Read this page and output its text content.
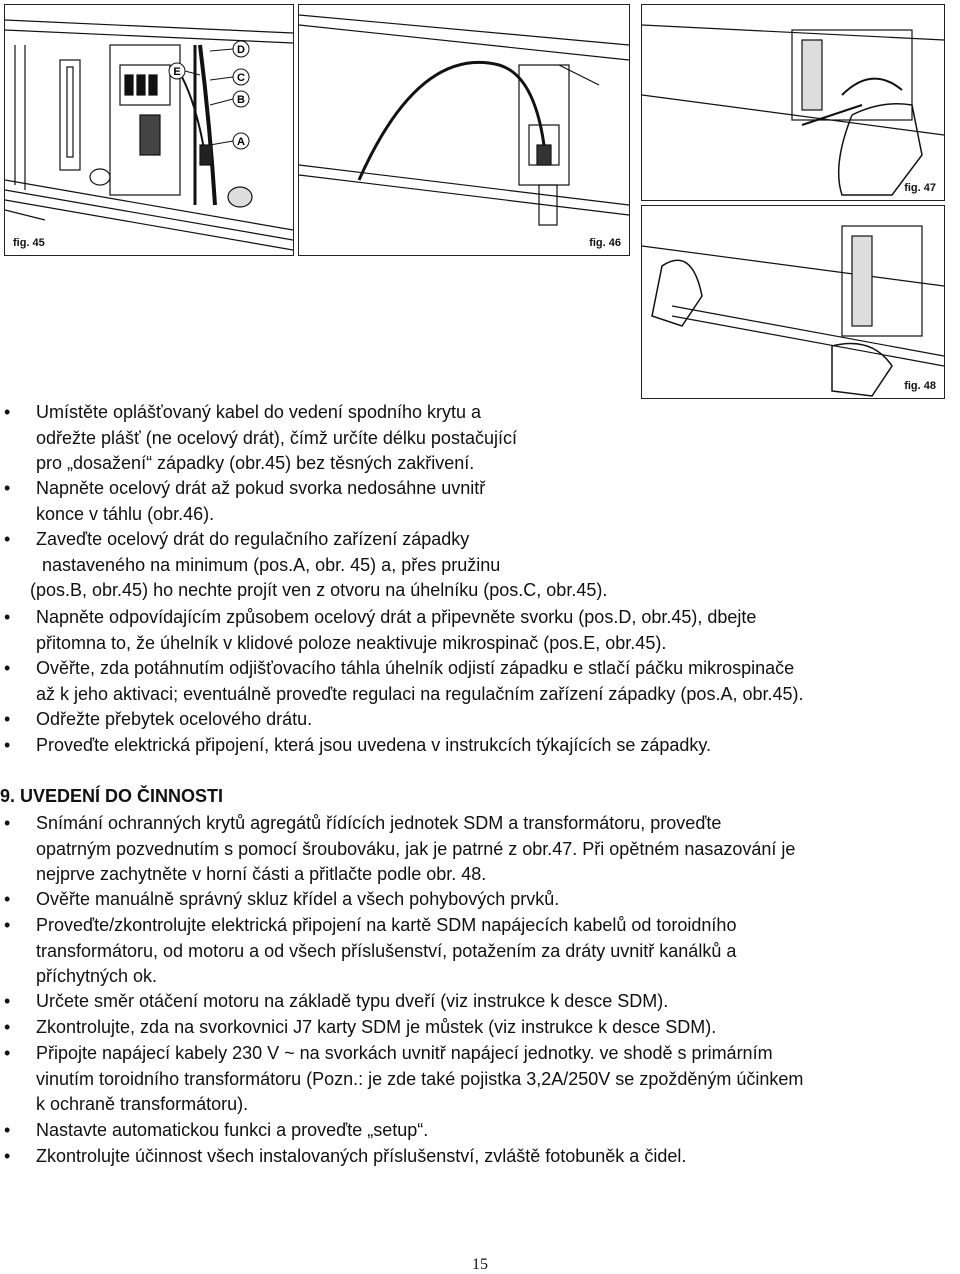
D
E	C
B
A
fig. 45	fig. 46
fig. 47
fig. 48
• Umístěte oplášťovaný kabel do vedení spodního krytu a
odřežte plášť (ne ocelový drát), čímž určíte délku postačující
pro „dosažení“ západky (obr.45) bez těsných zakřivení.
• Napněte ocelový drát až pokud svorka nedosáhne uvnitř
konce v táhlu (obr.46).
• Zaveďte ocelový drát do regulačního zařízení západky
nastaveného na minimum (pos.A, obr. 45) a, přes pružinu
(pos.B, obr.45) ho nechte projít ven z otvoru na úhelníku (pos.C, obr.45).
• Napněte odpovídajícím způsobem ocelový drát a připevněte svorku (pos.D, obr.45), dbejte
přitomna to, že úhelník v klidové poloze neaktivuje mikrospinač (pos.E, obr.45).
• Ověřte, zda potáhnutím odjišťovacího táhla úhelník odjistí západku e stlačí páčku mikrospinače
až k jeho aktivaci; eventuálně proveďte regulaci na regulačním zařízení západky (pos.A, obr.45).
• Odřežte přebytek ocelového drátu.
• Proveďte elektrická připojení, která jsou uvedena v instrukcích týkajících se západky.
9. UVEDENÍ DO ČINNOSTI
• Snímání ochranných krytů agregátů řídících jednotek SDM a transformátoru, proveďte
opatrným pozvednutím s pomocí šroubováku, jak je patrné z obr.47. Při opětném nasazování je
nejprve zachytněte v horní části a přitlačte podle obr. 48.
• Ověřte manuálně správný skluz křídel a všech pohybových prvků.
• Proveďte/zkontrolujte elektrická připojení na kartě SDM napájecích kabelů od toroidního
transformátoru, od motoru a od všech příslušenství, potažením za dráty uvnitř kanálků a
příchytných ok.
• Určete směr otáčení motoru na základě typu dveří (viz instrukce k desce SDM).
• Zkontrolujte, zda na svorkovnici J7 karty SDM je můstek (viz instrukce k desce SDM).
• Připojte napájecí kabely 230 V ~ na svorkách uvnitř napájecí jednotky. ve shodě s primárním
vinutím toroidního transformátoru (Pozn.: je zde také pojistka 3,2A/250V se zpožděným účinkem
k ochraně transformátoru).
• Nastavte automatickou funkci a proveďte „setup“.
• Zkontrolujte účinnost všech instalovaných příslušenství, zvláště fotobuněk a čidel.
15
